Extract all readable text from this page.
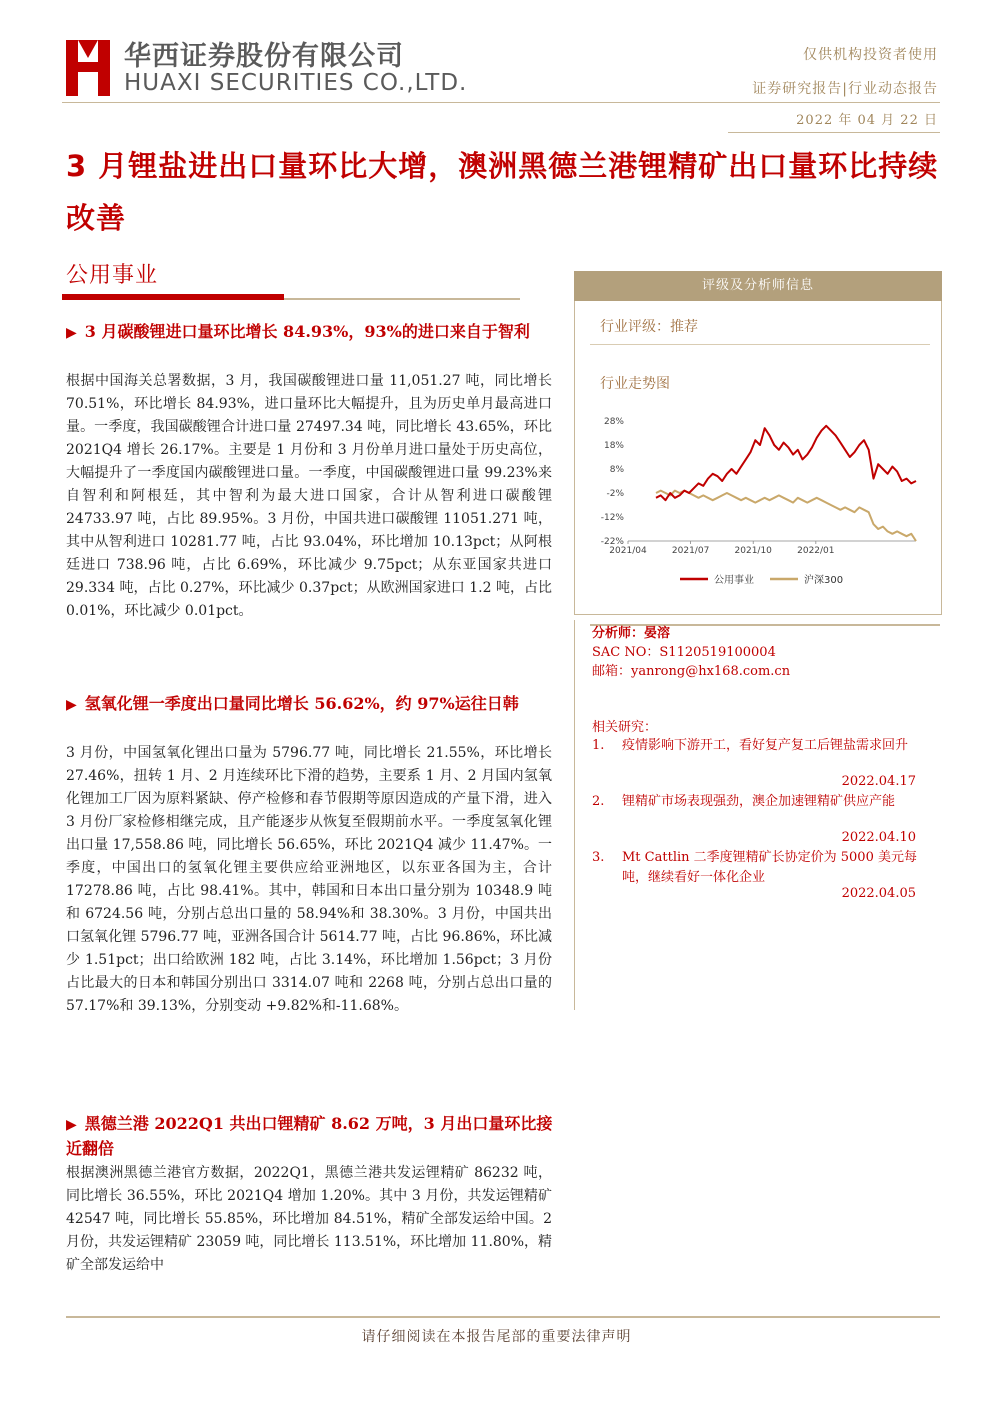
华西证券股份有限公司
HUAXI SECURITIES CO.,LTD.
仅供机构投资者使用
证券研究报告|行业动态报告
2022 年 04 月 22 日
3 月锂盐进出口量环比大增，澳洲黑德兰港锂精矿出口量环比持续改善
公用事业
▶ 3 月碳酸锂进口量环比增长 84.93%，93%的进口来自于智利
根据中国海关总署数据，3 月，我国碳酸锂进口量 11,051.27 吨，同比增长 70.51%，环比增长 84.93%，进口量环比大幅提升，且为历史单月最高进口量。一季度，我国碳酸锂合计进口量 27497.34 吨，同比增长 43.65%，环比 2021Q4 增长 26.17%。主要是 1 月份和 3 月份单月进口量处于历史高位，大幅提升了一季度国内碳酸锂进口量。一季度，中国碳酸锂进口量 99.23%来自智利和阿根廷，其中智利为最大进口国家，合计从智利进口碳酸锂 24733.97 吨，占比 89.95%。3 月份，中国共进口碳酸锂 11051.271 吨，其中从智利进口 10281.77 吨，占比 93.04%，环比增加 10.13pct；从阿根廷进口 738.96 吨，占比 6.69%，环比减少 9.75pct；从东亚国家共进口 29.334 吨，占比 0.27%，环比减少 0.37pct；从欧洲国家进口 1.2 吨，占比 0.01%，环比减少 0.01pct。
▶ 氢氧化锂一季度出口量同比增长 56.62%，约 97%运往日韩
3 月份，中国氢氧化锂出口量为 5796.77 吨，同比增长 21.55%，环比增长 27.46%，扭转 1 月、2 月连续环比下滑的趋势，主要系 1 月、2 月国内氢氧化锂加工厂因为原料紧缺、停产检修和春节假期等原因造成的产量下滑，进入 3 月份厂家检修相继完成，且产能逐步从恢复至假期前水平。一季度氢氧化锂出口量 17,558.86 吨，同比增长 56.65%，环比 2021Q4 减少 11.47%。一季度，中国出口的氢氧化锂主要供应给亚洲地区，以东亚各国为主，合计 17278.86 吨，占比 98.41%。其中，韩国和日本出口量分别为 10348.9 吨和 6724.56 吨，分别占总出口量的 58.94%和 38.30%。3 月份，中国共出口氢氧化锂 5796.77 吨，亚洲各国合计 5614.77 吨，占比 96.86%，环比减少 1.51pct；出口给欧洲 182 吨，占比 3.14%，环比增加 1.56pct；3 月份占比最大的日本和韩国分别出口 3314.07 吨和 2268 吨，分别占总出口量的 57.17%和 39.13%，分别变动 +9.82%和-11.68%。
▶ 黑德兰港 2022Q1 共出口锂精矿 8.62 万吨，3 月出口量环比接近翻倍
根据澳洲黑德兰港官方数据，2022Q1，黑德兰港共发运锂精矿 86232 吨，同比增长 36.55%，环比 2021Q4 增加 1.20%。其中 3 月份，共发运锂精矿 42547 吨，同比增长 55.85%，环比增加 84.51%，精矿全部发运给中国。2 月份，共发运锂精矿 23059 吨，同比增长 113.51%，环比增加 11.80%，精矿全部发运给中
评级及分析师信息
行业评级：推荐
行业走势图
28%
18%
8%
-2%
-12%
-22%
2021/04	2021/07	2021/10	2022/01
公用事业	沪深300
分析师：晏溶
SAC NO：S1120519100004
邮箱：yanrong@hx168.com.cn
相关研究：
1. 疫情影响下游开工，看好复产复工后锂盐需求回升
2022.04.17
2. 锂精矿市场表现强劲，澳企加速锂精矿供应产能
2022.04.10
3. Mt Cattlin 二季度锂精矿长协定价为 5000 美元每吨，继续看好一体化企业
2022.04.05
请仔细阅读在本报告尾部的重要法律声明
